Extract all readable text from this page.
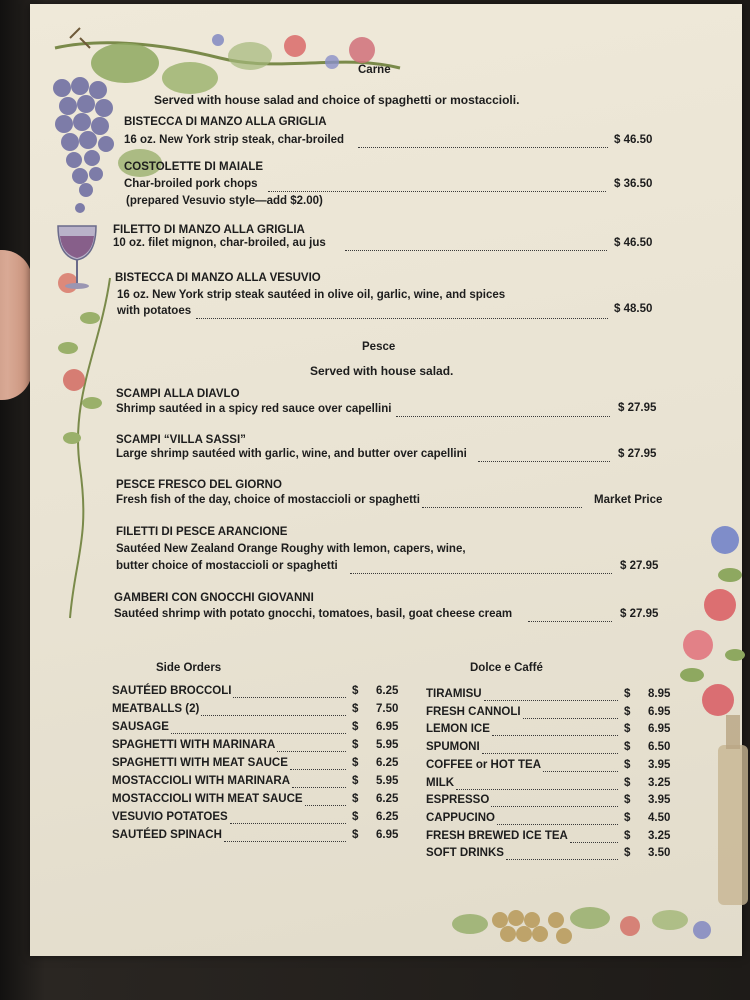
Carne
Served with house salad and choice of spaghetti or mostaccioli.
BISTECCA DI MANZO ALLA GRIGLIA
16 oz. New York strip steak, char-broiled	$ 46.50
COSTOLETTE DI MAIALE
Char-broiled pork chops	$ 36.50
(prepared Vesuvio style—add $2.00)
FILETTO DI MANZO ALLA GRIGLIA
10 oz. filet mignon, char-broiled, au jus	$ 46.50
BISTECCA DI MANZO ALLA VESUVIO
16 oz. New York strip steak sautéed in olive oil, garlic, wine, and spices
with potatoes	$ 48.50
Pesce
Served with house salad.
SCAMPI ALLA DIAVLO
Shrimp sautéed in a spicy red sauce over capellini	$ 27.95
SCAMPI “VILLA SASSI”
Large shrimp sautéed with garlic, wine, and butter over capellini	$ 27.95
PESCE FRESCO DEL GIORNO
Fresh fish of the day, choice of mostaccioli or spaghetti	Market Price
FILETTI DI PESCE ARANCIONE
Sautéed New Zealand Orange Roughy with lemon, capers, wine,
butter choice of mostaccioli or spaghetti	$ 27.95
GAMBERI CON GNOCCHI GIOVANNI
Sautéed shrimp with potato gnocchi, tomatoes, basil, goat cheese cream	$ 27.95
Side Orders
SAUTÉED BROCCOLI	$ 6.25
MEATBALLS (2)	$ 7.50
SAUSAGE	$ 6.95
SPAGHETTI WITH MARINARA	$ 5.95
SPAGHETTI WITH MEAT SAUCE	$ 6.25
MOSTACCIOLI WITH MARINARA	$ 5.95
MOSTACCIOLI WITH MEAT SAUCE	$ 6.25
VESUVIO POTATOES	$ 6.25
SAUTÉED SPINACH	$ 6.95
Dolce e Caffé
TIRAMISU	$ 8.95
FRESH CANNOLI	$ 6.95
LEMON ICE	$ 6.95
SPUMONI	$ 6.50
COFFEE or HOT TEA	$ 3.95
MILK	$ 3.25
ESPRESSO	$ 3.95
CAPPUCINO	$ 4.50
FRESH BREWED ICE TEA	$ 3.25
SOFT DRINKS	$ 3.50
